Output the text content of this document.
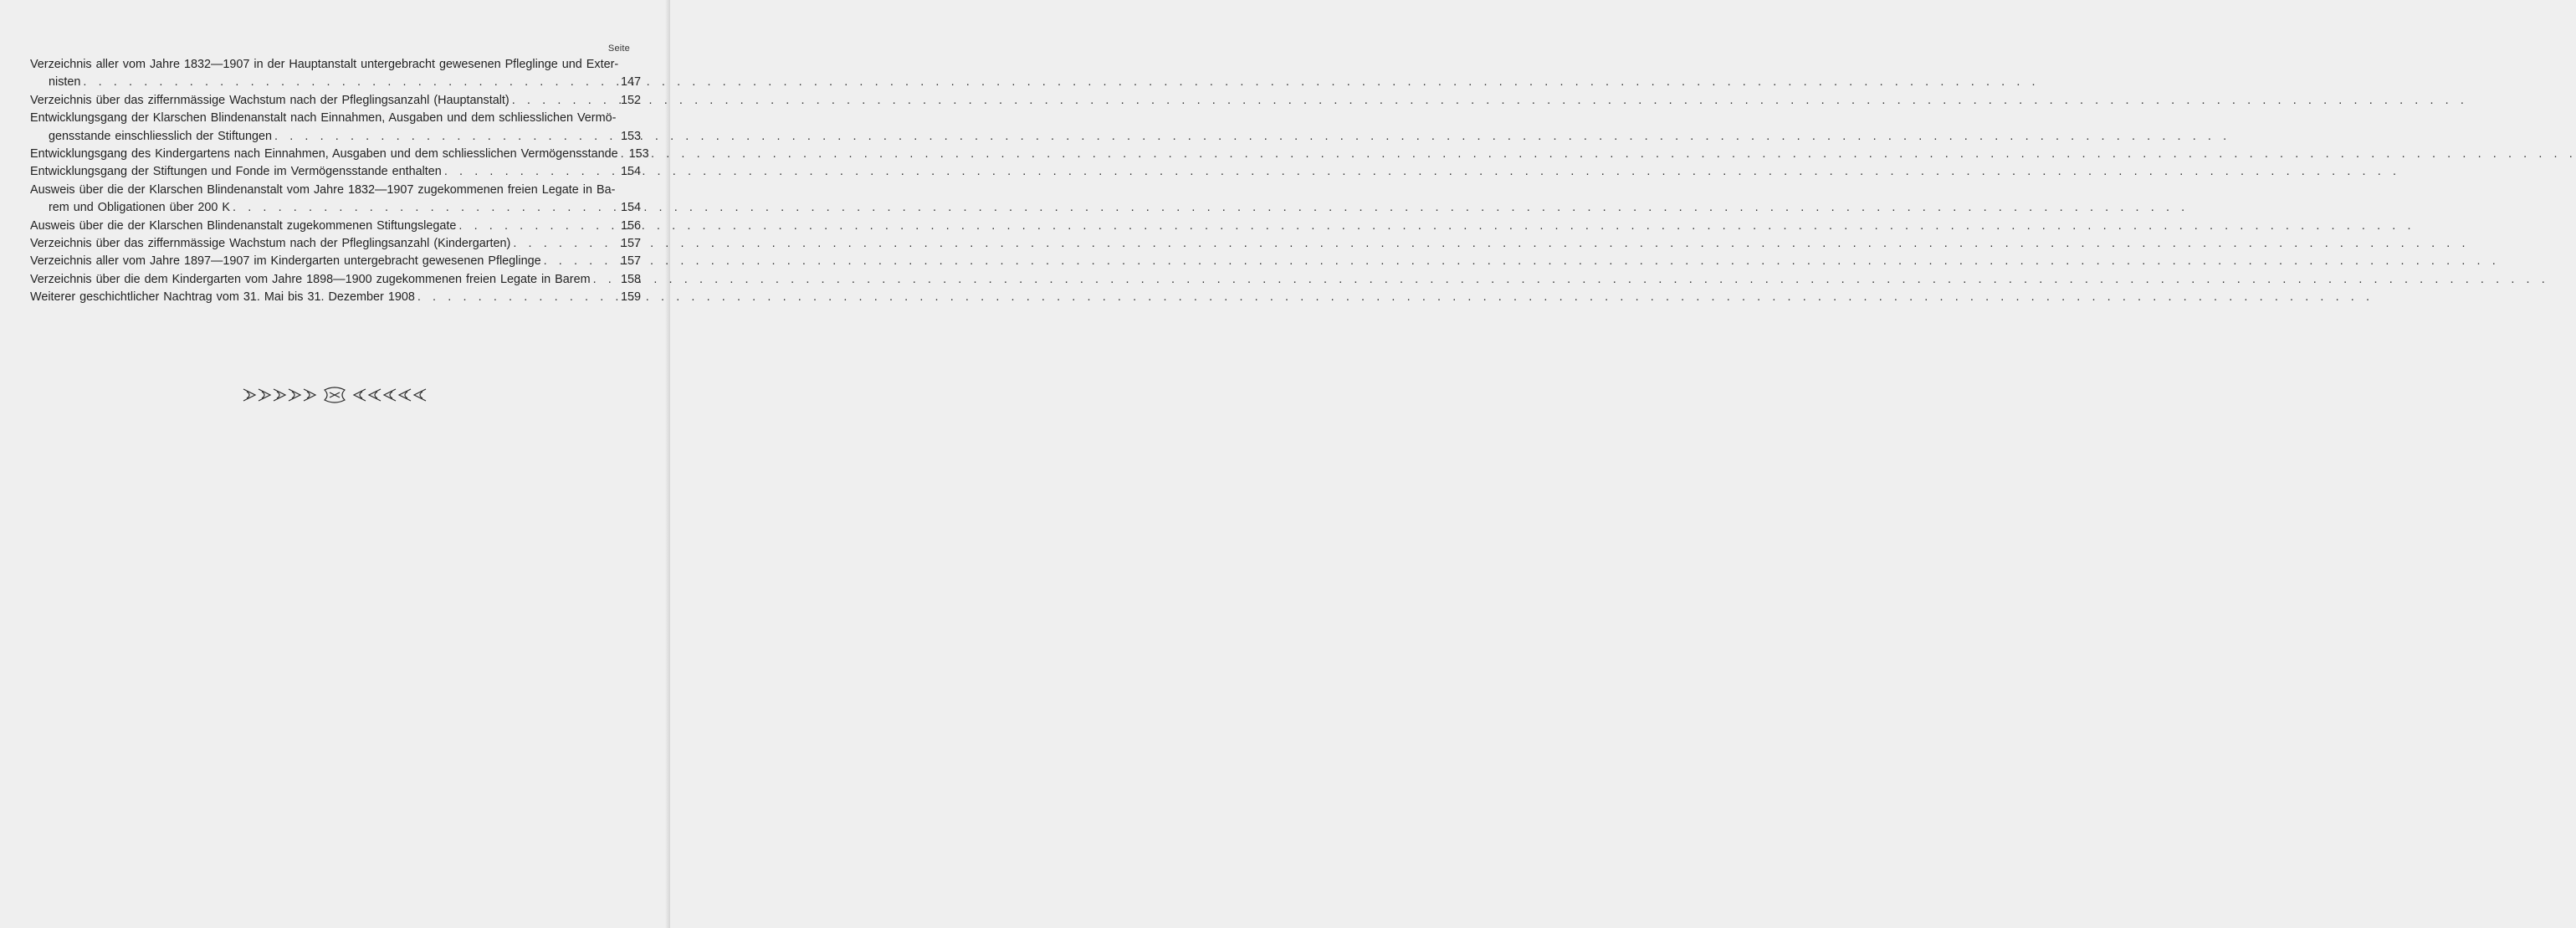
Seite
Verzeichnis aller vom Jahre 1832—1907 in der Hauptanstalt untergebracht gewesenen Pfleglinge und Exter-
nisten . . .	147
Verzeichnis über das ziffernmässige Wachstum nach der Pfleglingsanzahl (Hauptanstalt) . . .	152
Entwicklungsgang der Klarschen Blindenanstalt nach Einnahmen, Ausgaben und dem schliesslichen Vermö-
gensstande einschliesslich der Stiftungen . . .	153
Entwicklungsgang des Kindergartens nach Einnahmen, Ausgaben und dem schliesslichen Vermögensstande . . . 153
Entwicklungsgang der Stiftungen und Fonde im Vermögensstande enthalten . . .	154
Ausweis über die der Klarschen Blindenanstalt vom Jahre 1832—1907 zugekommenen freien Legate in Ba-
rem und Obligationen über 200 K . . .	154
Ausweis über die der Klarschen Blindenanstalt zugekommenen Stiftungslegate . . .	156
Verzeichnis über das ziffernmässige Wachstum nach der Pfleglingsanzahl (Kindergarten) . . .	157
Verzeichnis aller vom Jahre 1897—1907 im Kindergarten untergebracht gewesenen Pfleglinge . . .	157
Verzeichnis über die dem Kindergarten vom Jahre 1898—1900 zugekommenen freien Legate in Barem . . .	158
Weiterer geschichtlicher Nachtrag vom 31. Mai bis 31. Dezember 1908 . . .	159
